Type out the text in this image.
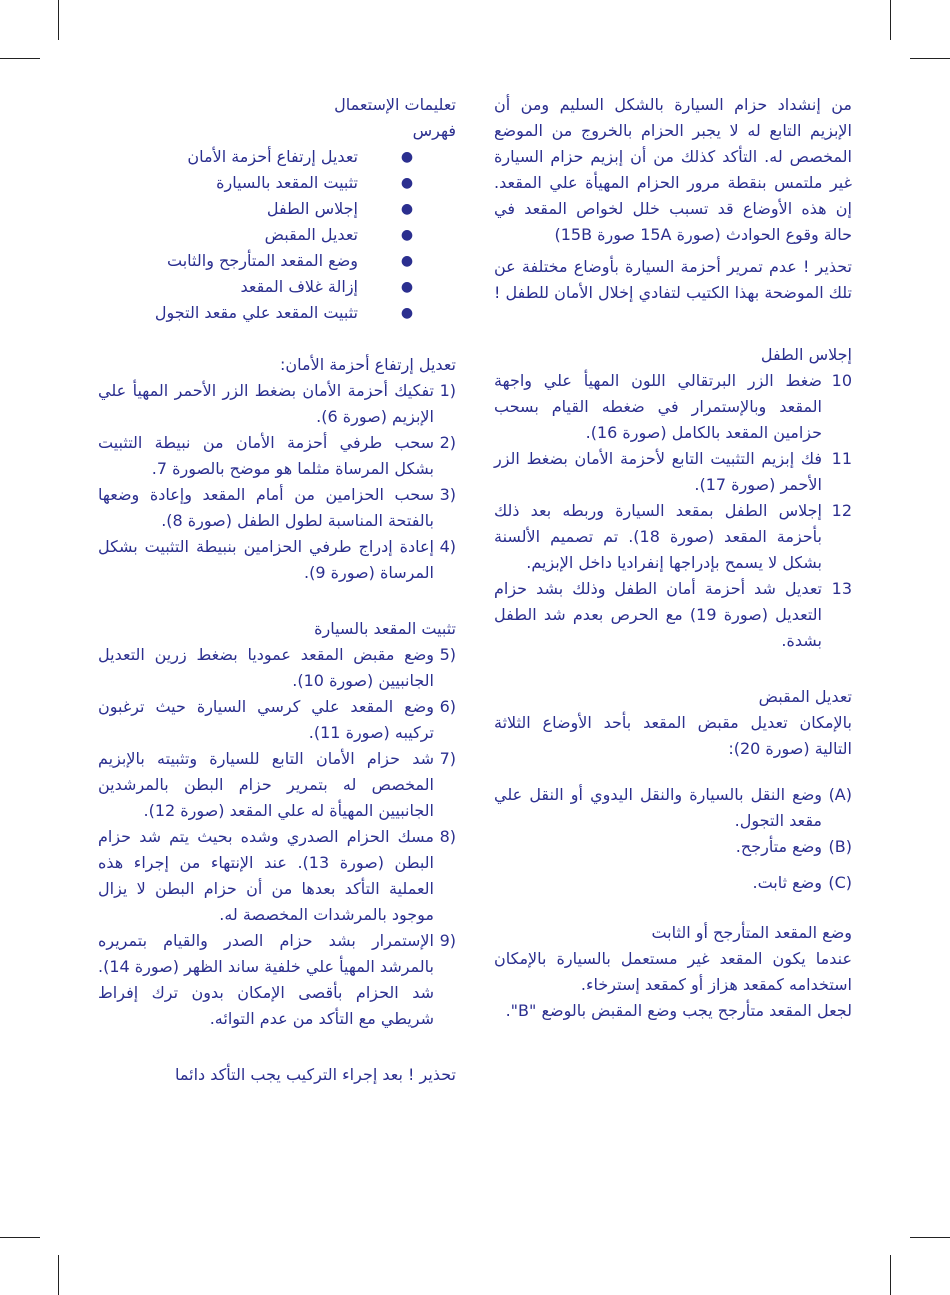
من إنشداد حزام السيارة بالشكل السليم ومن أن الإبزيم التابع له لا يجبر الحزام بالخروج من الموضع المخصص له. التأكد كذلك من أن إبزيم حزام السيارة غير ملتمس بنقطة مرور الحزام المهيأة علي المقعد. إن هذه الأوضاع قد تسبب خلل لخواص المقعد في حالة وقوع الحوادث (صورة 15A صورة 15B)

تحذير ! عدم تمرير أحزمة السيارة بأوضاع مختلفة عن تلك الموضحة بهذا الكتيب لتفادي إخلال الأمان للطفل !

إجلاس الطفل

10
ضغط الزر البرتقالي اللون المهيأ علي واجهة المقعد وبالإستمرار في ضغطه القيام بسحب حزامين المقعد بالكامل (صورة 16).
11
فك إبزيم التثبيت التابع لأحزمة الأمان بضغط الزر الأحمر (صورة 17).
12
إجلاس الطفل بمقعد السيارة وربطه بعد ذلك بأحزمة المقعد (صورة 18). تم تصميم الألسنة بشكل لا يسمح بإدراجها إنفراديا داخل الإبزيم.
13
تعديل شد أحزمة أمان الطفل وذلك بشد حزام التعديل (صورة 19) مع الحرص بعدم شد الطفل بشدة.

تعديل المقبض

بالإمكان تعديل مقبض المقعد بأحد الأوضاع الثلاثة التالية (صورة 20):

(A)
وضع النقل بالسيارة والنقل اليدوي أو النقل علي مقعد التجول.
(B)
وضع متأرجح.
(C)
وضع ثابت.

وضع المقعد المتأرجح أو الثابت

عندما يكون المقعد غير مستعمل بالسيارة بالإمكان استخدامه كمقعد هزاز أو كمقعد إسترخاء.

لجعل المقعد متأرجح يجب وضع المقبض بالوضع "B".

تعليمات الإستعمال

فهرس

●
تعديل إرتفاع أحزمة الأمان
●
تثبيت المقعد بالسيارة
●
إجلاس الطفل
●
تعديل المقبض
●
وضع المقعد المتأرجح والثابت
●
إزالة غلاف المقعد
●
تثبيت المقعد علي مقعد التجول

تعديل إرتفاع أحزمة الأمان:

1)
تفكيك أحزمة الأمان بضغط الزر الأحمر المهيأ علي الإبزيم (صورة 6).
2)
سحب طرفي أحزمة الأمان من نبيطة التثبيت بشكل المرساة مثلما هو موضح بالصورة 7.
3)
سحب الحزامين من أمام المقعد وإعادة وضعها بالفتحة المناسبة لطول الطفل (صورة 8).
4)
إعادة إدراج طرفي الحزامين بنبيطة التثبيت بشكل المرساة (صورة 9).

تثبيت المقعد بالسيارة

5)
وضع مقبض المقعد عموديا بضغط زرين التعديل الجانبيين (صورة 10).
6)
وضع المقعد علي كرسي السيارة حيث ترغبون تركيبه (صورة 11).
7)
شد حزام الأمان التابع للسيارة وتثبيته بالإبزيم المخصص له بتمرير حزام البطن بالمرشدين الجانبيين المهيأة له علي المقعد (صورة 12).
8)
مسك الحزام الصدري وشده بحيث يتم شد حزام البطن (صورة 13). عند الإنتهاء من إجراء هذه العملية التأكد بعدها من أن حزام البطن لا يزال موجود بالمرشدات المخصصة له.
9)
الإستمرار بشد حزام الصدر والقيام بتمريره بالمرشد المهيأ علي خلفية ساند الظهر (صورة 14). شد الحزام بأقصى الإمكان بدون ترك إفراط شريطي مع التأكد من عدم التوائه.

تحذير ! بعد إجراء التركيب يجب التأكد دائما
